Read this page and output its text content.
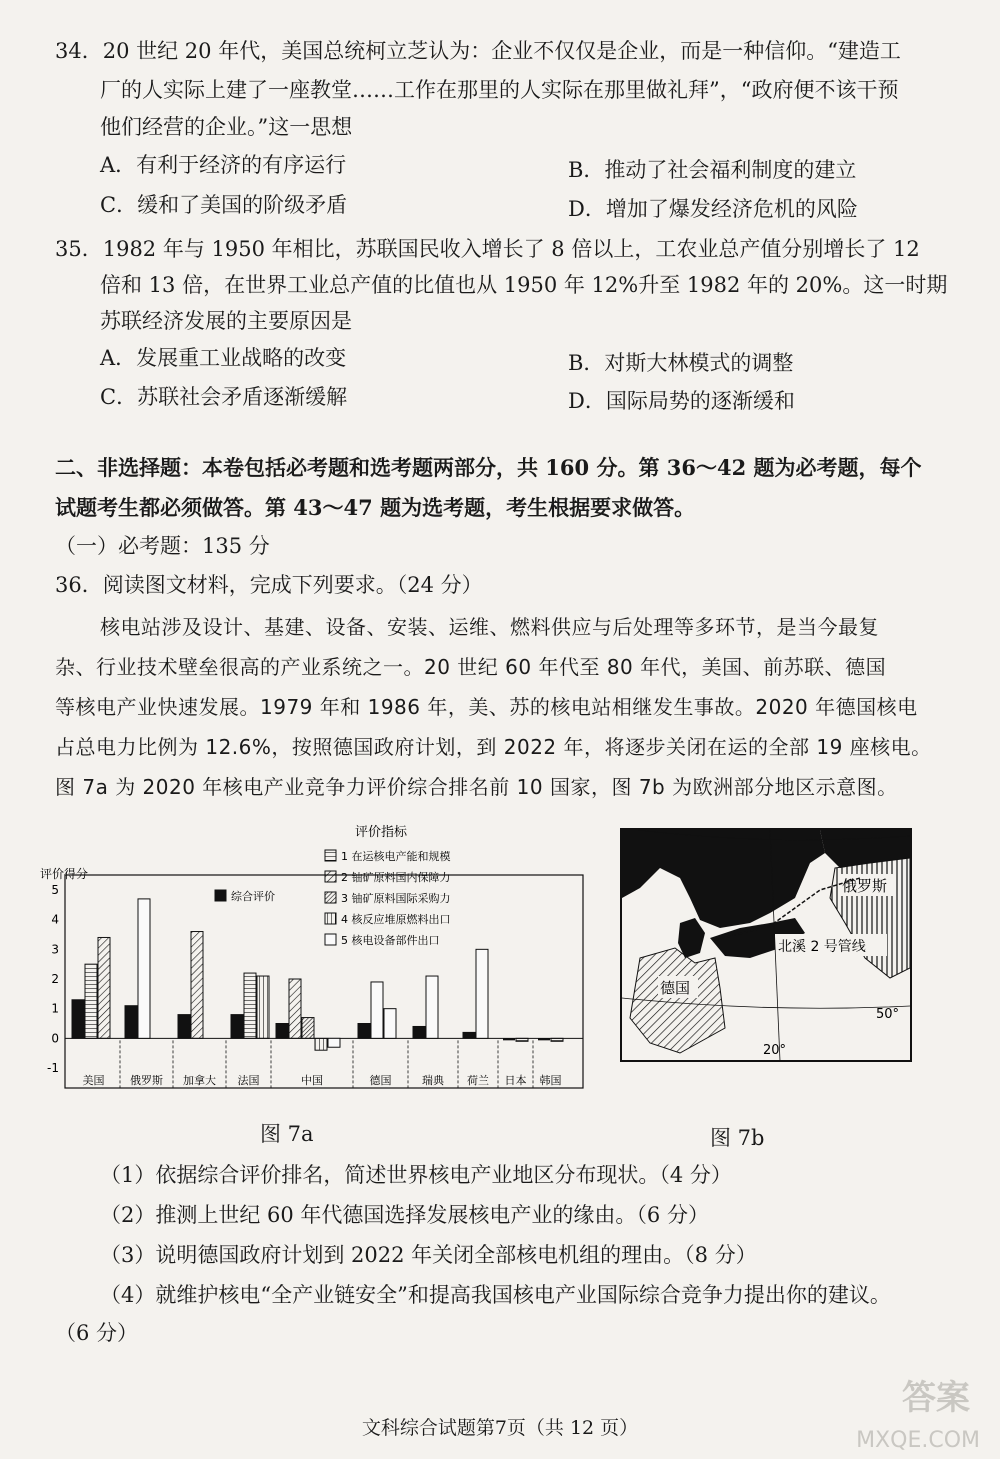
34．20 世纪 20 年代，美国总统柯立芝认为：企业不仅仅是企业，而是一种信仰。“建造工
厂的人实际上建了一座教堂……工作在那里的人实际在那里做礼拜”，“政府便不该干预
他们经营的企业。”这一思想
A．有利于经济的有序运行	B．推动了社会福利制度的建立
C．缓和了美国的阶级矛盾	D．增加了爆发经济危机的风险
35．1982 年与 1950 年相比，苏联国民收入增长了 8 倍以上，工农业总产值分别增长了 12
倍和 13 倍，在世界工业总产值的比值也从 1950 年 12%升至 1982 年的 20%。这一时期
苏联经济发展的主要原因是
A．发展重工业战略的改变	B．对斯大林模式的调整
C．苏联社会矛盾逐渐缓解	D．国际局势的逐渐缓和
二、非选择题：本卷包括必考题和选考题两部分，共 160 分。第 36～42 题为必考题，每个
试题考生都必须做答。第 43～47 题为选考题，考生根据要求做答。
（一）必考题：135 分
36．阅读图文材料，完成下列要求。（24 分）
核电站涉及设计、基建、设备、安装、运维、燃料供应与后处理等多环节，是当今最复
杂、行业技术壁垒很高的产业系统之一。20 世纪 60 年代至 80 年代，美国、前苏联、德国
等核电产业快速发展。1979 年和 1986 年，美、苏的核电站相继发生事故。2020 年德国核电
占总电力比例为 12.6%，按照德国政府计划，到 2022 年，将逐步关闭在运的全部 19 座核电。
图 7a 为 2020 年核电产业竞争力评价综合排名前 10 国家，图 7b 为欧洲部分地区示意图。
评价指标
评价得分
综合评价
1 在运核电产能和规模
2 铀矿原料国内保障力
3 铀矿原料国际采购力
4 核反应堆原燃料出口
5 核电设备部件出口
5
4
3
2
1
0
-1
美国 俄罗斯 加拿大 法国	中国	德国	瑞典 荷兰 日本 韩国
俄罗斯
德国
北溪 2 号管线
50°
20°
图 7a	图 7b
（1）依据综合评价排名，简述世界核电产业地区分布现状。（4 分）
（2）推测上世纪 60 年代德国选择发展核电产业的缘由。（6 分）
（3）说明德国政府计划到 2022 年关闭全部核电机组的理由。（8 分）
（4）就维护核电“全产业链安全”和提高我国核电产业国际综合竞争力提出你的建议。
（6 分）
文科综合试题第7页（共 12 页）
答案
MXQE.COM
